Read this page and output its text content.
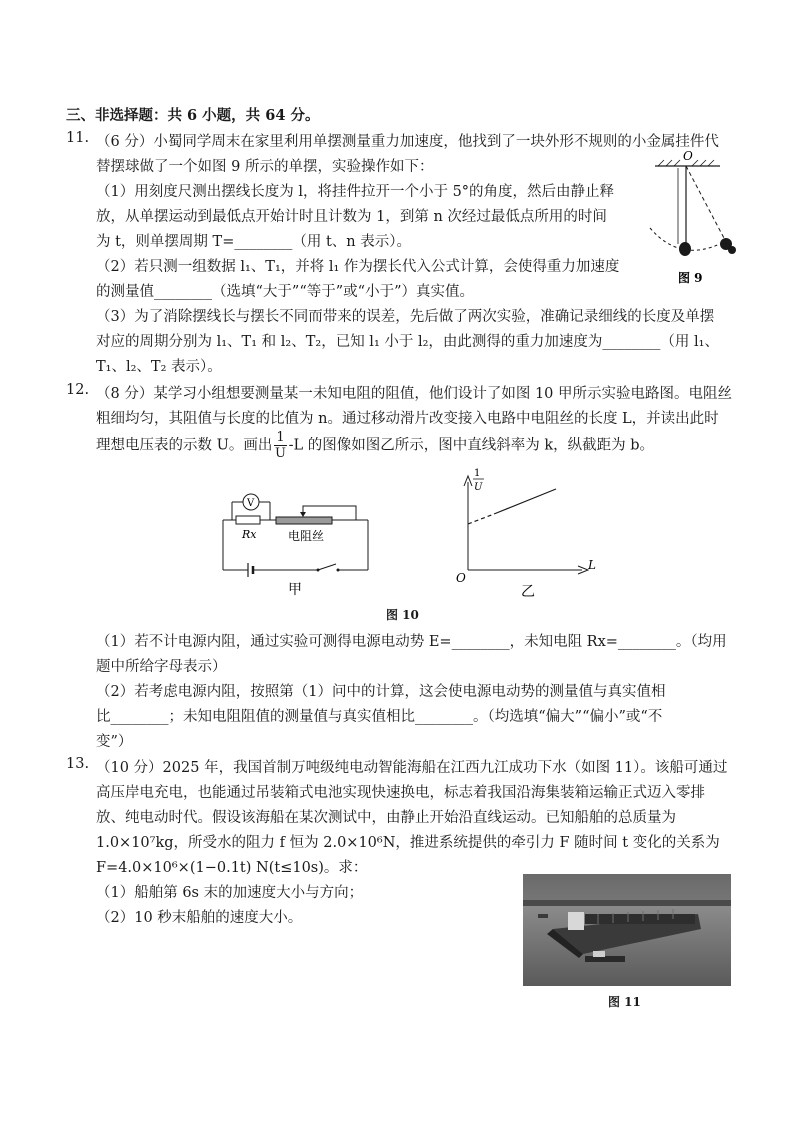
三、非选择题：共 6 小题，共 64 分。
11. （6 分）小蜀同学周末在家里利用单摆测量重力加速度，他找到了一块外形不规则的小金属挂件代
替摆球做了一个如图 9 所示的单摆，实验操作如下：
（1）用刻度尺测出摆线长度为 l，将挂件拉开一个小于 5°的角度，然后由静止释
放，从单摆运动到最低点开始计时且计数为 1，到第 n 次经过最低点所用的时间
为 t，则单摆周期 T=________（用 t、n 表示）。
（2）若只测一组数据 l₁、T₁，并将 l₁ 作为摆长代入公式计算，会使得重力加速度
的测量值________（选填“大于”“等于”或“小于”）真实值。
（3）为了消除摆线长与摆长不同而带来的误差，先后做了两次实验，准确记录细线的长度及单摆
对应的周期分别为 l₁、T₁ 和 l₂、T₂，已知 l₁ 小于 l₂，由此测得的重力加速度为________（用 l₁、
T₁、l₂、T₂ 表示）。
O
图 9
12. （8 分）某学习小组想要测量某一未知电阻的阻值，他们设计了如图 10 甲所示实验电路图。电阻丝
粗细均匀，其阻值与长度的比值为 n。通过移动滑片改变接入电路中电阻丝的长度 L，并读出此时
理想电压表的示数 U。画出 $\frac{1}{U} -L$ 的图像如图乙所示，图中直线斜率为 k，纵截距为 b。
V
Rx	电阻丝
甲
1
U
L
O
乙
图 10
（1）若不计电源内阻，通过实验可测得电源电动势 E=________，未知电阻 Rx=________。（均用
题中所给字母表示）
（2）若考虑电源内阻，按照第（1）问中的计算，这会使电源电动势的测量值与真实值相
比________；未知电阻阻值的测量值与真实值相比________。（均选填“偏大”“偏小”或“不
变”）
13. （10 分）2025 年，我国首制万吨级纯电动智能海船在江西九江成功下水（如图 11）。该船可通过
高压岸电充电，也能通过吊装箱式电池实现快速换电，标志着我国沿海集装箱运输正式迈入零排
放、纯电动时代。假设该海船在某次测试中，由静止开始沿直线运动。已知船舶的总质量为
1.0×10⁷kg，所受水的阻力 f 恒为 2.0×10⁶N，推进系统提供的牵引力 F 随时间 t 变化的关系为
F=4.0×10⁶×(1−0.1t) N(t≤10s)。求：
（1）船舶第 6s 末的加速度大小与方向；
（2）10 秒末船舶的速度大小。
图 11
